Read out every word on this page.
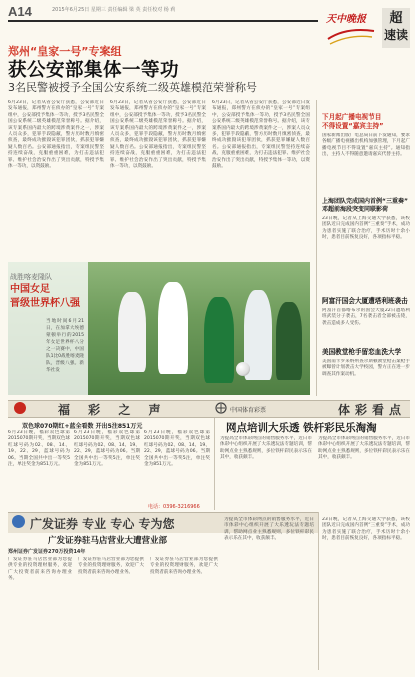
A14	2015年6月25日 星期三 责任编辑 梁 英 责任校对 杨 莉
天中晚报	超
速读
郑州“皇家一号”专案组
获公安部集体一等功
3名民警被授予全国公安系统二级英雄模范荣誉称号
6月23日，记者从省公安厅获悉，公安部近日发布通报，郑州警方在侦办的“皇家一号”专案组中，公安部授予集体一等功，授予3名民警全国公安系统二级英雄模范荣誉称号。据介绍，该专案系国内最大的跨境涉黄案件之一，涉案人员众多，犯罪手段隐蔽，警方历时数月缜密侦查，最终成功摧毁该犯罪团伙，抓获犯罪嫌疑人数百名。公安部通报指出，专案组民警坚持连续奋战，克服重重困难，为打击违法犯罪、维护社会治安作出了突出贡献，特授予集体一等功，以资鼓励。
6月23日，记者从省公安厅获悉，公安部近日发布通报，郑州警方在侦办的“皇家一号”专案组中，公安部授予集体一等功，授予3名民警全国公安系统二级英雄模范荣誉称号。据介绍，该专案系国内最大的跨境涉黄案件之一，涉案人员众多，犯罪手段隐蔽，警方历时数月缜密侦查，最终成功摧毁该犯罪团伙，抓获犯罪嫌疑人数百名。公安部通报指出，专案组民警坚持连续奋战，克服重重困难，为打击违法犯罪、维护社会治安作出了突出贡献，特授予集体一等功，以资鼓励。
6月23日，记者从省公安厅获悉，公安部近日发布通报，郑州警方在侦办的“皇家一号”专案组中，公安部授予集体一等功，授予3名民警全国公安系统二级英雄模范荣誉称号。据介绍，该专案系国内最大的跨境涉黄案件之一，涉案人员众多，犯罪手段隐蔽，警方历时数月缜密侦查，最终成功摧毁该犯罪团伙，抓获犯罪嫌疑人数百名。公安部通报指出，专案组民警坚持连续奋战，克服重重困难，为打击违法犯罪、维护社会治安作出了突出贡献，特授予集体一等功，以资鼓励。
战胜喀麦隆队
中国女足
晋级世界杯八强
当地时间6月21日，在加拿大埃德蒙顿举行的2015年女足世界杯八分之一决赛中，中国队1比0战胜喀麦隆队，晋级八强。新华社发
下月起广播电视节目
不得设置“嘉宾主持”
国家新闻出版广电总局日前下发通知，要求各级广播电视播出机构加强管理，下月起广播电视节目不得设置“嘉宾主持”。通知指出，主持人不得随意邀请嘉宾代替主持。
上海团队完成国内首例“三重奏”
邓超前海段突变同联影荷
23日晚，记者从上海交通大学获悉，该校团队近日完成国内首例“三重奏”手术，成功为患者实施了联合治疗，手术历时十余小时，患者目前恢复良好，各项指标平稳。
阿富汗国会大厦遭塔利班袭击
阿富汗首都喀布尔的国会大厦22日遭塔利班武装分子袭击，7名袭击者全部被击毙，袭击造成多人受伤。
美国教堂枪手留恋血洗大学
美国南卡罗来纳州查尔斯顿教堂枪击案枪手被曝曾计划袭击大学校园，警方正在进一步调查其作案动机。
福 彩 之 声	中国体育彩票	体彩看点
双色球070期红+蓝全看数 开出5注851万元
6月23日晚，福彩双色球第2015070期开奖，当期双色球红球号码为02、08、14、19、22、29，蓝球号码为06。当期全国共中出一等奖5注，单注奖金为851万元。
6月23日晚，福彩双色球第2015070期开奖，当期双色球红球号码为02、08、14、19、22、29，蓝球号码为06。当期全国共中出一等奖5注，单注奖金为851万元。
6月23日晚，福彩双色球第2015070期开奖，当期双色球红球号码为02、08、14、19、22、29，蓝球号码为06。当期全国共中出一等奖5注，单注奖金为851万元。
电话：0396-3216966
网点培训大乐透 铁杆彩民乐淘淘
为提高全市体彩网点的销售服务水平，近日市体彩中心组织开展了大乐透玩法专题培训，帮助网点业主熟悉规则，多位铁杆彩民表示乐在其中，收获颇丰。
为提高全市体彩网点的销售服务水平，近日市体彩中心组织开展了大乐透玩法专题培训，帮助网点业主熟悉规则，多位铁杆彩民表示乐在其中，收获颇丰。
广发证券 专业 专心 专为您
广发证券驻马店营业大遭营业部
郑州证券广发证券270万投资14年
广发证券驻马店营业部为您提供专业的投资理财服务，欢迎广大投资者前来咨询办理业务。
广发证券驻马店营业部为您提供专业的投资理财服务，欢迎广大投资者前来咨询办理业务。
广发证券驻马店营业部为您提供专业的投资理财服务，欢迎广大投资者前来咨询办理业务。
为提高全市体彩网点的销售服务水平，近日市体彩中心组织开展了大乐透玩法专题培训，帮助网点业主熟悉规则，多位铁杆彩民表示乐在其中，收获颇丰。
23日晚，记者从上海交通大学获悉，该校团队近日完成国内首例“三重奏”手术，成功为患者实施了联合治疗，手术历时十余小时，患者目前恢复良好，各项指标平稳。
